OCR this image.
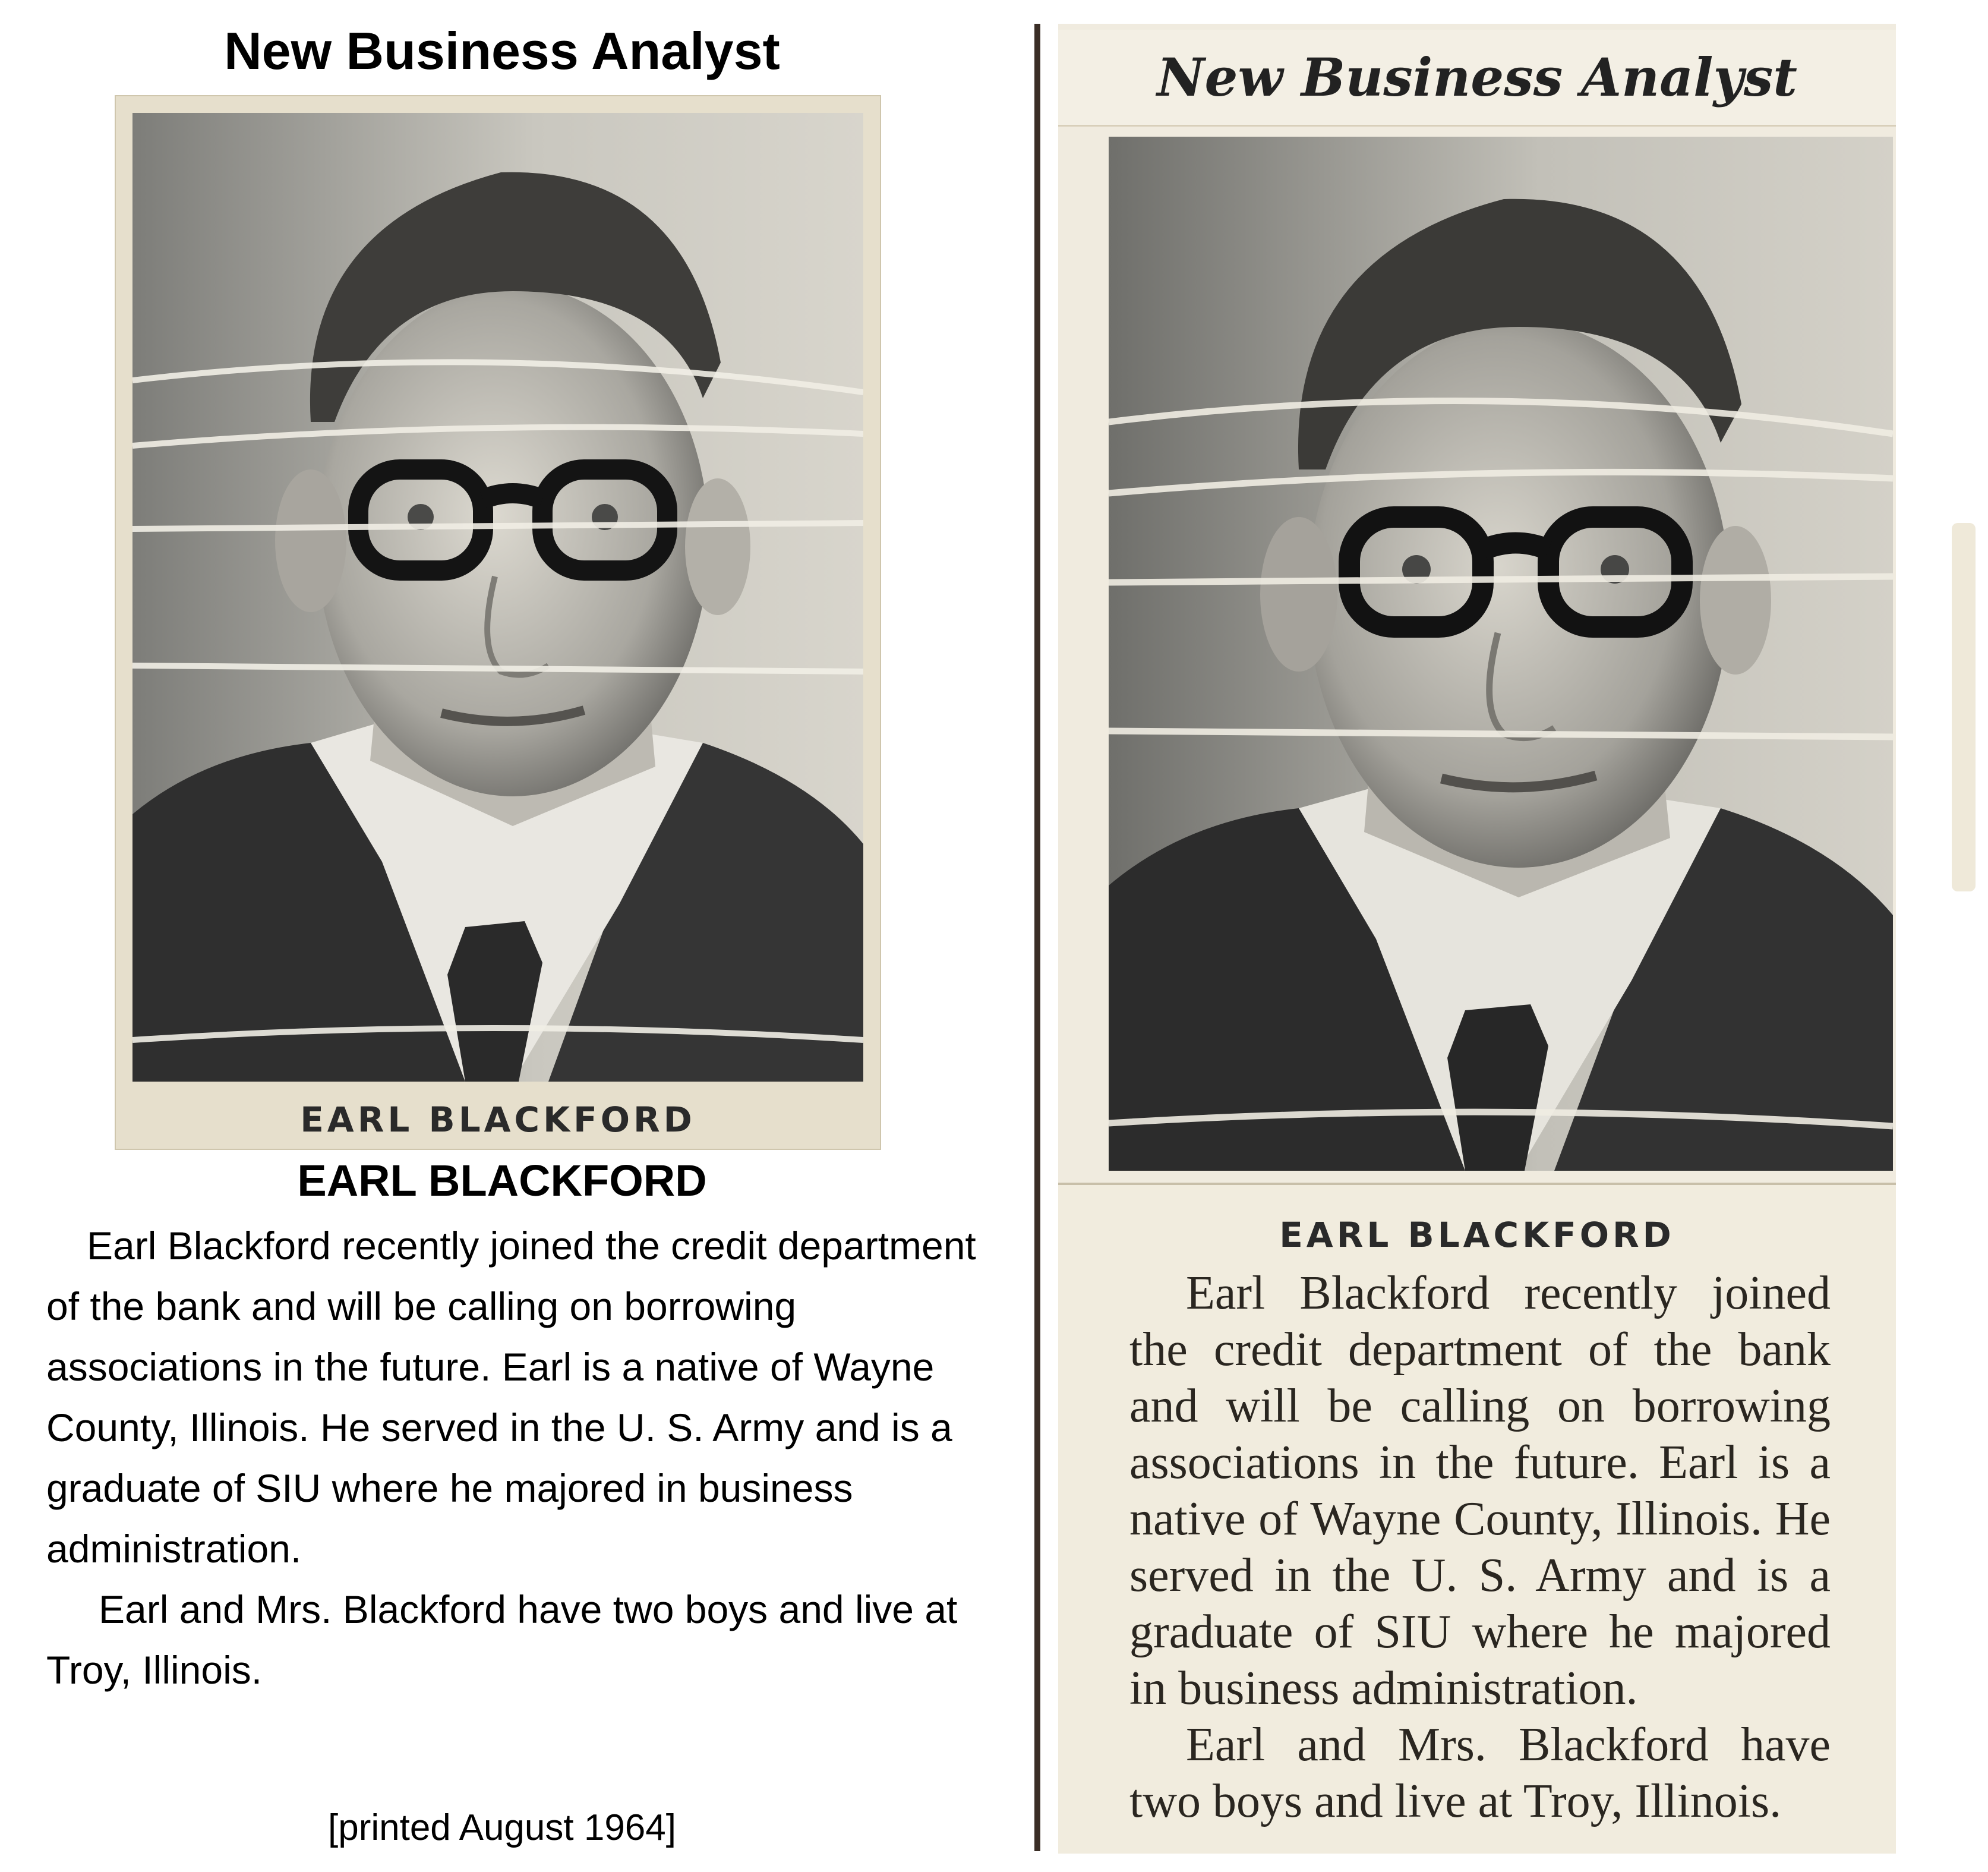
New Business Analyst
EARL BLACKFORD
EARL BLACKFORD

Earl Blackford recently joined the credit department of the bank and will be calling on borrowing associations in the future. Earl is a native of Wayne County, Illinois. He served in the U. S. Army and is a graduate of SIU where he majored in business administration.

Earl and Mrs. Blackford have two boys and live at Troy, Illinois.

[printed August 1964]
New Business Analyst
EARL BLACKFORD

Earl Blackford recently joined the credit department of the bank and will be calling on borrowing associations in the future. Earl is a native of Wayne County, Illinois. He served in the U. S. Army and is a graduate of SIU where he majored in business administration.

Earl and Mrs. Blackford have two boys and live at Troy, Illinois.
